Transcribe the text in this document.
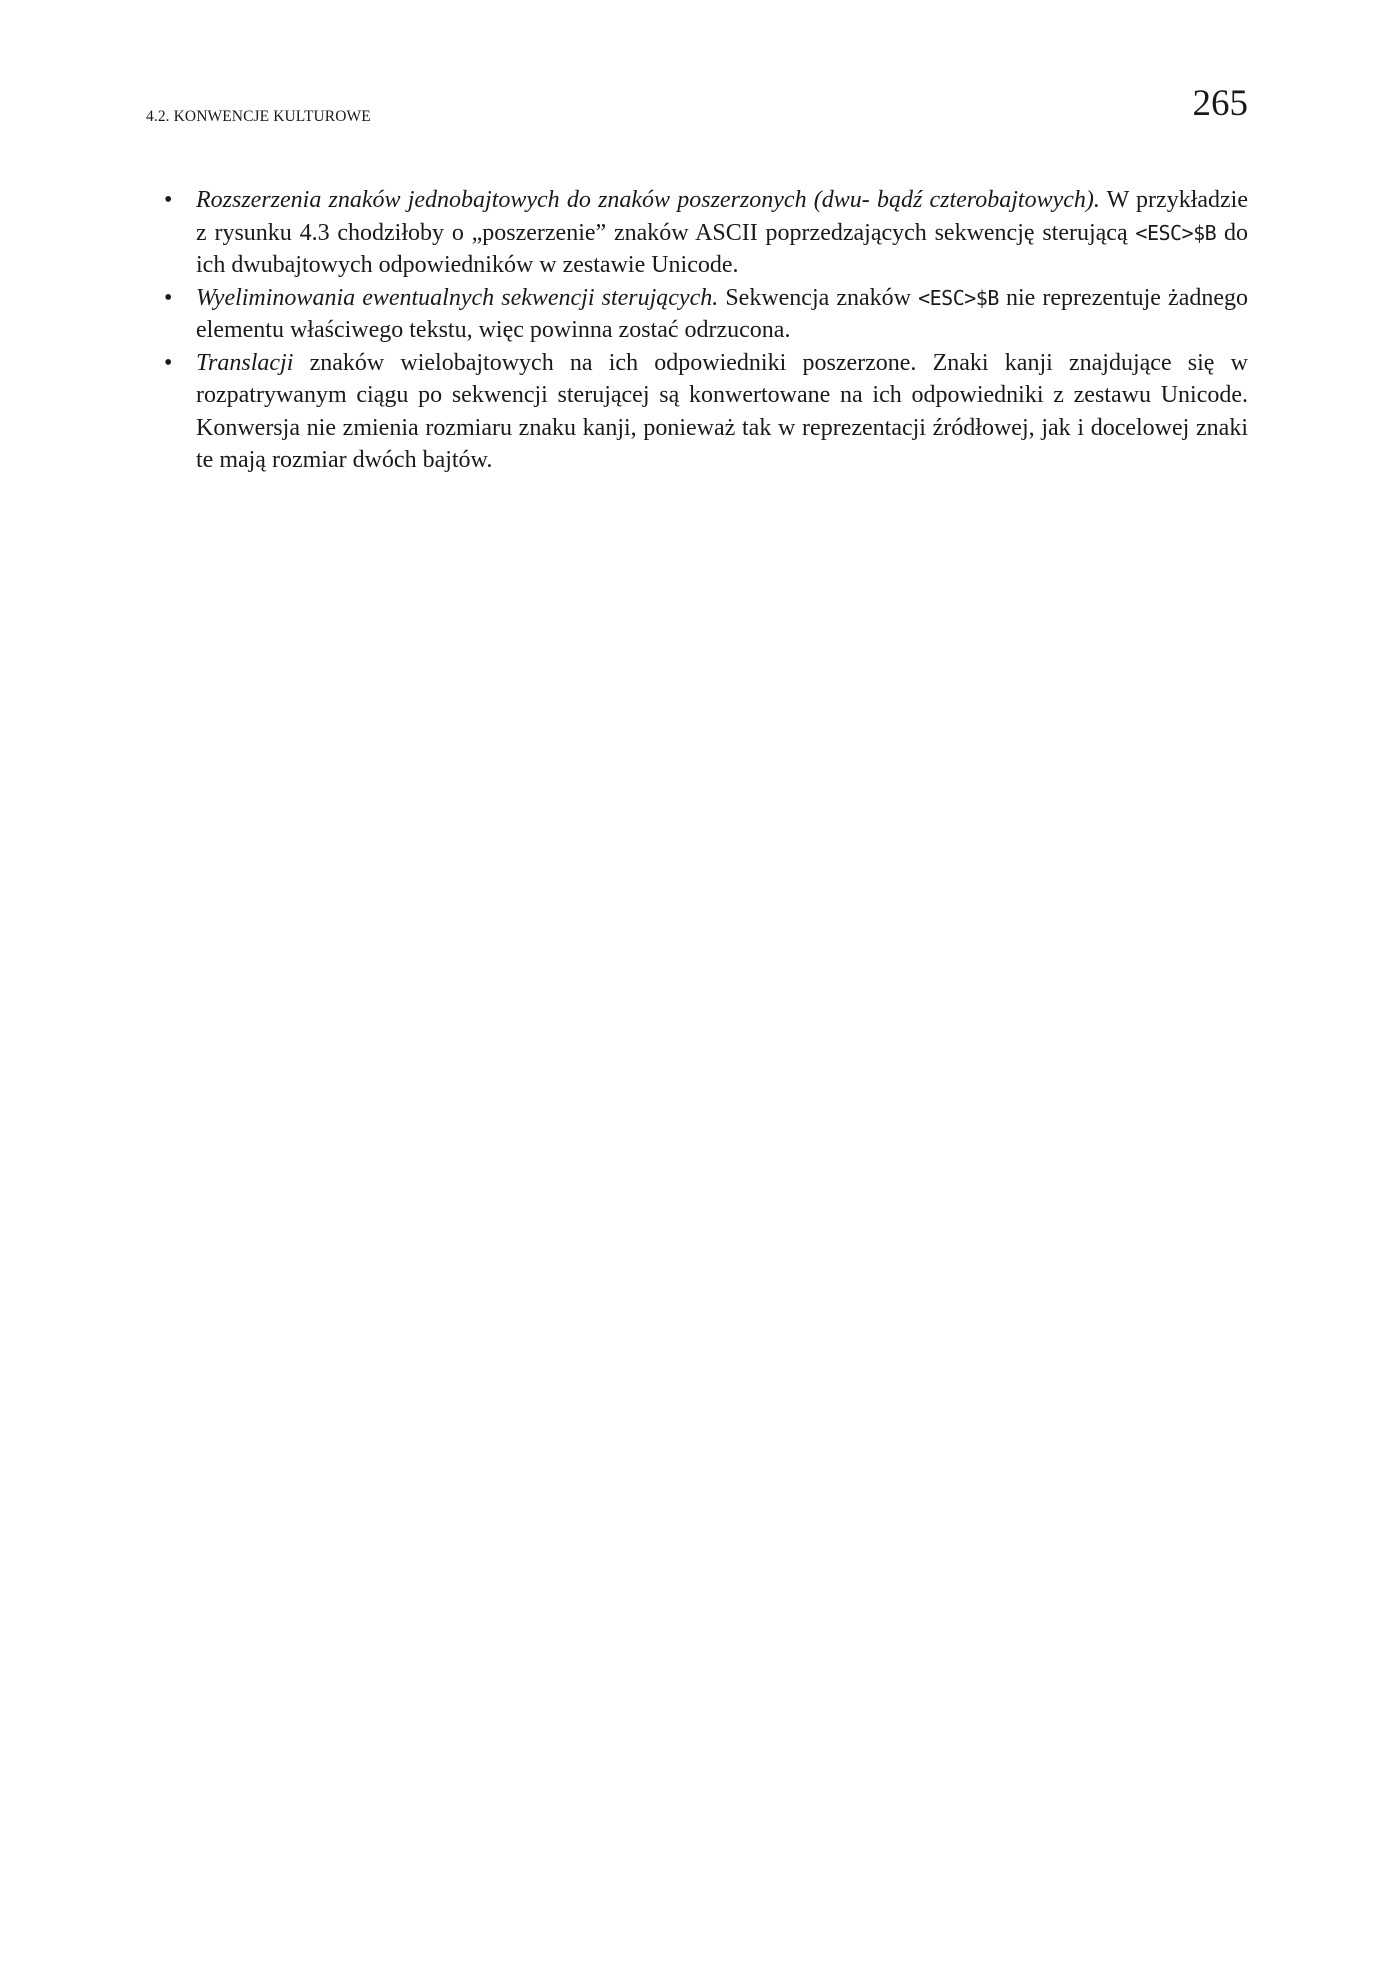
4.2. KONWENCJE KULTUROWE	265
• Rozszerzenia znaków jednobajtowych do znaków poszerzonych (dwu- bądź czterobajtowych). W przykładzie z rysunku 4.3 chodziłoby o „poszerzenie” znaków ASCII poprzedzających sekwencję sterującą <ESC>$B do ich dwubajtowych odpowiedników w zestawie Unicode.
• Wyeliminowania ewentualnych sekwencji sterujących. Sekwencja znaków <ESC>$B nie reprezentuje żadnego elementu właściwego tekstu, więc powinna zostać odrzucona.
• Translacji znaków wielobajtowych na ich odpowiedniki poszerzone. Znaki kanji znajdujące się w rozpatrywanym ciągu po sekwencji sterującej są konwertowane na ich odpowiedniki z zestawu Unicode. Konwersja nie zmienia rozmiaru znaku kanji, ponieważ tak w reprezentacji źródłowej, jak i docelowej znaki te mają rozmiar dwóch bajtów.
